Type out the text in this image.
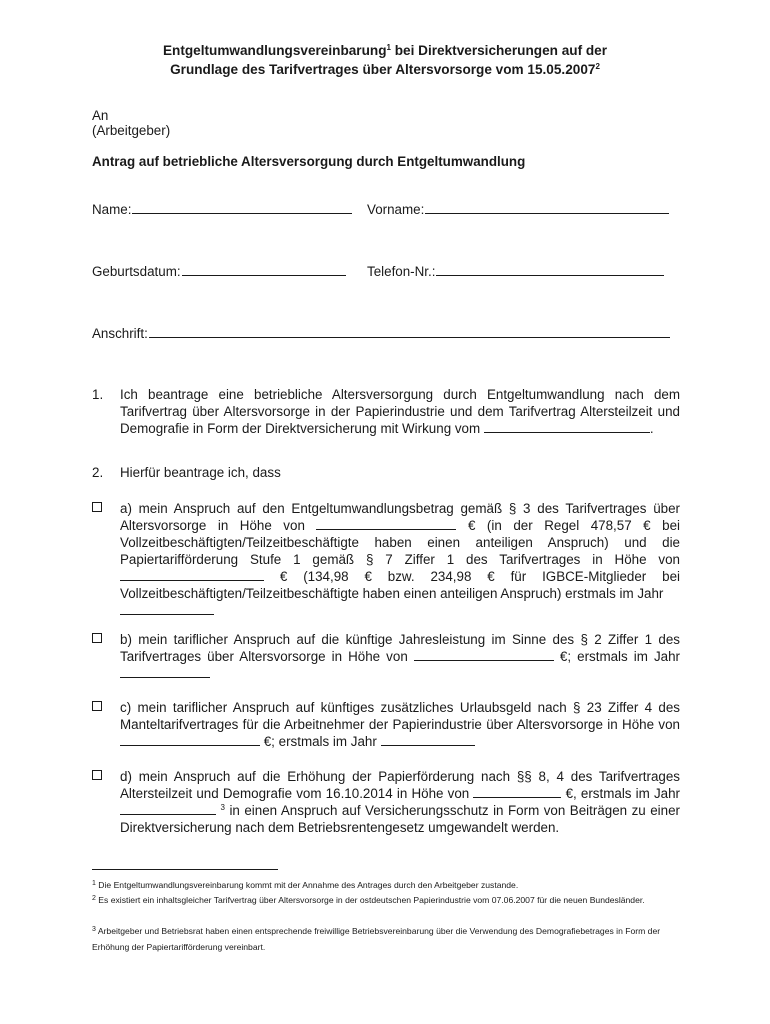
Entgeltumwandlungsvereinbarung$^1$ bei Direktversicherungen auf der
Grundlage des Tarifvertrages über Altersvorsorge vom 15.05.2007$^2$
An
(Arbeitgeber)
Antrag auf betriebliche Altersversorgung durch Entgeltumwandlung
Name:	Vorname:
Geburtsdatum:	Telefon-Nr.:
Anschrift:
1.	Ich beantrage eine betriebliche Altersversorgung durch Entgeltumwandlung nach dem Tarifvertrag über Altersvorsorge in der Papierindustrie und dem Tarifvertrag Altersteilzeit und Demografie in Form der Direktversicherung mit Wirkung vom	.
2.	Hierfür beantrage ich, dass
a) mein Anspruch auf den Entgeltumwandlungsbetrag gemäß § 3 des Tarifvertrages über Altersvorsorge in Höhe von	€ (in der Regel 478,57 € bei Vollzeitbeschäftigten/Teilzeitbeschäftigte haben einen anteiligen Anspruch) und die Papiertarifförderung Stufe 1 gemäß § 7 Ziffer 1 des Tarifvertrages in Höhe von  € (134,98 € bzw. 234,98 € für IGBCE-Mitglieder bei Vollzeitbeschäftigten/Teilzeitbeschäftigte haben einen anteiligen Anspruch) erstmals im Jahr

b) mein tariflicher Anspruch auf die künftige Jahresleistung im Sinne des § 2 Ziffer 1 des Tarifvertrages über Altersvorsorge in Höhe von	€; erstmals im Jahr
c) mein tariflicher Anspruch auf künftiges zusätzliches Urlaubsgeld nach § 23 Ziffer 4 des Manteltarifvertrages für die Arbeitnehmer der Papierindustrie über Altersvorsorge in Höhe von  €; erstmals im Jahr
d) mein Anspruch auf die Erhöhung der Papierförderung nach §§ 8, 4 des Tarifvertrages Altersteilzeit und Demografie vom 16.10.2014 in Höhe von	€, erstmals im Jahr  $^3$ in einen Anspruch auf Versicherungsschutz in Form von Beiträgen zu einer Direktversicherung nach dem Betriebsrentengesetz umgewandelt werden.
$^1$ Die Entgeltumwandlungsvereinbarung kommt mit der Annahme des Antrages durch den Arbeitgeber zustande.
$^2$ Es existiert ein inhaltsgleicher Tarifvertrag über Altersvorsorge in der ostdeutschen Papierindustrie vom 07.06.2007 für die neuen Bundesländer.
$^3$ Arbeitgeber und Betriebsrat haben einen entsprechende freiwillige Betriebsvereinbarung über die Verwendung des Demografiebetrages in Form der Erhöhung der Papiertarifförderung vereinbart.
